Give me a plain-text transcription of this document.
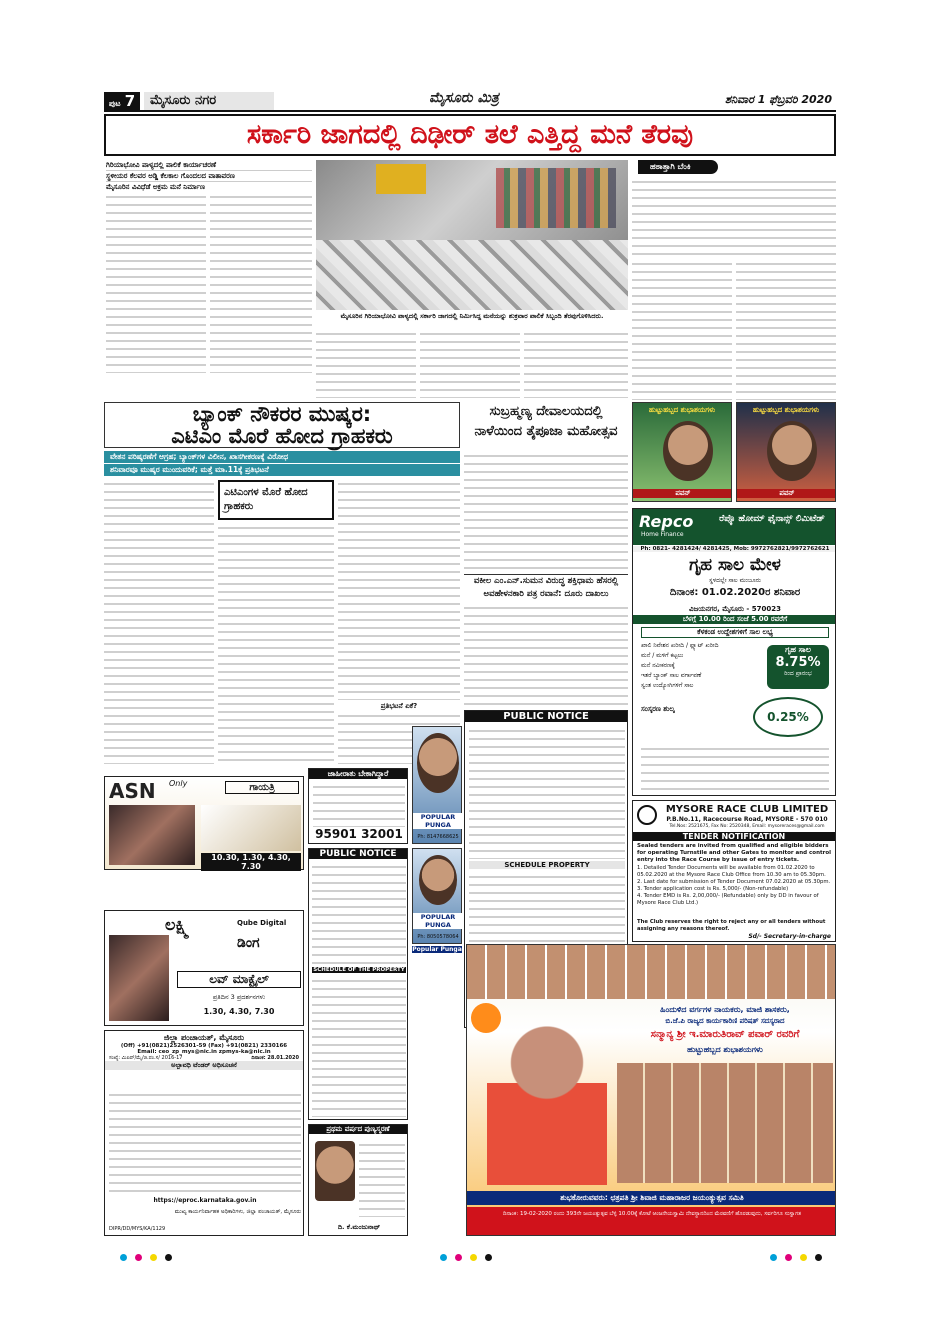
ಪುಟ 7	ಮೈಸೂರು ನಗರ	ಮೈಸೂರು ಮಿತ್ರ	ಶನಿವಾರ 1 ಫೆಬ್ರವರಿ 2020
ಸರ್ಕಾರಿ ಜಾಗದಲ್ಲಿ ದಿಢೀರ್ ತಲೆ ಎತ್ತಿದ್ದ ಮನೆ ತೆರವು
ಗಿರಿಯಾಭೋವಿ ಪಾಳ್ಯದಲ್ಲಿ ಪಾಲಿಕೆ ಕಾರ್ಯಾಚರಣೆ
ಸ್ಥಳೀಯರ ಕೆಲವರ ಅಡ್ಡಿ ಕೆಲಕಾಲ ಗೊಂದಲದ ವಾತಾವರಣ
ಮೈಸೂರಿನ ವಿವಿಧೆಡೆ ಅಕ್ರಮ ಮನೆ ನಿರ್ಮಾಣ
ಮೈಸೂರಿನ ಗಿರಿಯಾಭೋವಿ ಪಾಳ್ಯದಲ್ಲಿ ಸರ್ಕಾರಿ ಜಾಗದಲ್ಲಿ ನಿರ್ಮಿಸಿದ್ದ ಮನೆಯನ್ನು ಶುಕ್ರವಾರ ಪಾಲಿಕೆ ಸಿಬ್ಬಂದಿ ತೆರವುಗೊಳಿಸಿದರು.
ಹಠಾತ್ತಾಗಿ ಬೆಂಕಿ
ಹುಟ್ಟುಹಬ್ಬದ ಶುಭಾಶಯಗಳು
ಪವನ್
ಹುಟ್ಟುಹಬ್ಬದ ಶುಭಾಶಯಗಳು
ಪವನ್
ಬ್ಯಾಂಕ್ ನೌಕರರ ಮುಷ್ಕರ:
ಎಟಿಎಂ ಮೊರೆ ಹೋದ ಗ್ರಾಹಕರು
ವೇತನ ಪರಿಷ್ಕರಣೆಗೆ ಆಗ್ರಹ; ಬ್ಯಾಂಕ್‌ಗಳ ವಿಲೀನ, ಖಾಸಗೀಕರಣಕ್ಕೆ ವಿರೋಧ
ಶನಿವಾರವೂ ಮುಷ್ಕರ ಮುಂದುವರಿಕೆ; ಮತ್ತೆ ಮಾ.11ಕ್ಕೆ ಪ್ರತಿಭಟನೆ
ಎಟಿಎಂಗಳ ಮೊರೆ ಹೋದ ಗ್ರಾಹಕರು
ಪ್ರತಿಭಟನೆ ಏಕೆ?
ಸುಬ್ರಹ್ಮಣ್ಯ ದೇವಾಲಯದಲ್ಲಿ
ನಾಳೆಯಿಂದ ತೈಪೂಜಾ ಮಹೋತ್ಸವ
ವಕೀಲ ಎಂ.ಎನ್.ಸುಮನ ವಿರುದ್ಧ ಶಕ್ತಿಧಾಮ ಹೆಸರಲ್ಲಿ
ಅವಹೇಳನಕಾರಿ ಪತ್ರ ರವಾನೆ: ದೂರು ದಾಖಲು
Repco
Home Finance
ರೆಪ್ಕೊ ಹೋಮ್ ಫೈನಾನ್ಸ್ ಲಿಮಿಟೆಡ್
Ph: 0821- 4281424/ 4281425, Mob: 9972762821/9972762621
ಗೃಹ ಸಾಲ ಮೇಳ
ಸ್ಥಳದಲ್ಲೇ ಸಾಲ ಮಂಜೂರು
ದಿನಾಂಕ: 01.02.2020ರ ಶನಿವಾರ
ವಿಜಯನಗರ, ಮೈಸೂರು - 570023
ಬೆಳಗ್ಗೆ 10.00 ರಿಂದ ಸಂಜೆ 5.00 ರವರೆಗೆ
ಕೆಳಕಂಡ ಉದ್ದೇಶಗಳಿಗೆ ಸಾಲ ಲಭ್ಯ
ಖಾಲಿ ನಿವೇಶನ ಖರೀದಿ / ಫ್ಲ್ಯಾಟ್ ಖರೀದಿ
ಮನೆ / ಮಳಿಗೆ ಕಟ್ಟಲು
ಮನೆ ನವೀಕರಣಕ್ಕೆ
ಇತರೆ ಬ್ಯಾಂಕ್ ಸಾಲ ವರ್ಗಾವಣೆ
ಸ್ವಂತ ಉದ್ಯೋಗಿಗಳಿಗೆ ಸಾಲ
ಗೃಹ ಸಾಲ
8.75%
ರಿಂದ ಪ್ರಾರಂಭ
ಸಂಸ್ಕರಣ ಶುಲ್ಕ
0.25%
PUBLIC NOTICE
SCHEDULE PROPERTY
POPULAR PUNGA
Ph: 8147668625
POPULAR PUNGA
Ph: 8050578064
Popular Punga
ಜಾಹೀರಾತು ಬೇಕಾಗಿದ್ದಾರೆ
95901 32001
PUBLIC NOTICE
SCHEDULE OF THE PROPERTY
ಪ್ರಥಮ ವರ್ಷದ ಪುಣ್ಯಸ್ಮರಣೆ
ದಿ. ಕೆ.ಮಂಜುನಾಥ್
ASN Only	ಗಾಯತ್ರಿ
10.30, 1.30, 4.30, 7.30
ಲಕ್ಷ್ಮಿ	Qube Digital
ಡಿಂಗ
ಲವ್ ಮಾಕ್ಟೈಲ್
ಪ್ರತಿದಿನ 3 ಪ್ರದರ್ಶನಗಳು
1.30, 4.30, 7.30
ಜಿಲ್ಲಾ ಪಂಚಾಯತ್, ಮೈಸೂರು
(Off) +91(0821)2526301-59 (Fax) +91(0821) 2330166
Email: ceo_zp_mys@nic.in zpmys-ka@nic.in
ಸಂಖ್ಯೆ: ಮಿಪಿಪ್/ಮೈ/ಜಿ.ಪಂ.ಸ/ 2016-17	ದಿನಾಂಕ: 28.01.2020
ಅಲ್ಪಾವಧಿ ಟೆಂಡರ್ ಅಧಿಸೂಚನೆ
https://eproc.karnataka.gov.in
ಮುಖ್ಯ ಕಾರ್ಯನಿರ್ವಾಹಕ ಅಧಿಕಾರಿಗಳು, ಜಿಲ್ಲಾ ಪಂಚಾಯತ್, ಮೈಸೂರು
DIPR/DD/MYS/KA/1129
MYSORE RACE CLUB LIMITED
P.B.No.11, Racecourse Road, MYSORE - 570 010
Tel.Nos: 2521675, Fax No: 2520348, Email: mysoreraces@gmail.com
TENDER NOTIFICATION
Sealed tenders are invited from qualified and eligible bidders for operating Turnstile and other Gates to monitor and control entry into the Race Course by issue of entry tickets.
1. Detailed Tender Documents will be available from 01.02.2020 to 05.02.2020 at the Mysore Race Club Office from 10.30 am to 05.30pm.
2. Last date for submission of Tender Document 07.02.2020 at 05.30pm.
3. Tender application cost is Rs. 5,000/- (Non-refundable)
4. Tender EMD is Rs. 2,00,000/- (Refundable) only by DD in favour of Mysore Race Club Ltd.)
The Club reserves the right to reject any or all tenders without assigning any reasons thereof.
Sd/- Secretary-in-charge
ಹಿಂದುಳಿದ ವರ್ಗಗಳ ನಾಯಕರು, ಮಾಜಿ ಶಾಸಕರು,
ಬಿ.ಜೆ.ಪಿ ರಾಜ್ಯದ ಕಾರ್ಯಕಾರಿಣಿ ಪರಿಷತ್ ಸದಸ್ಯರಾದ
ಸನ್ಮಾನ್ಯ ಶ್ರೀ ಇ.ಮಾರುತಿರಾವ್ ಪವಾರ್ ರವರಿಗೆ
ಹುಟ್ಟುಹಬ್ಬದ ಶುಭಾಶಯಗಳು
ಶುಭಕೋರುವವರು: ಛತ್ರಪತಿ ಶ್ರೀ ಶಿವಾಜಿ ಮಹಾರಾಜರ ಜಯಂತ್ಯುತ್ಸವ ಸಮಿತಿ
ದಿನಾಂಕ: 19-02-2020 ರಂದು 393ನೇ ಜಯಂತ್ಯುತ್ಸವ ಬೆಳ್ಳಿ 10.00ಕ್ಕೆ ಕೋಟೆ ಆಂಜನೇಯಸ್ವಾಮಿ ದೇವಸ್ಥಾನದಿಂದ ಮೆರವಣಿಗೆ ಹೊರಡುವುದು, ಸರ್ವರಿಗೂ ಸುಸ್ವಾಗತ
